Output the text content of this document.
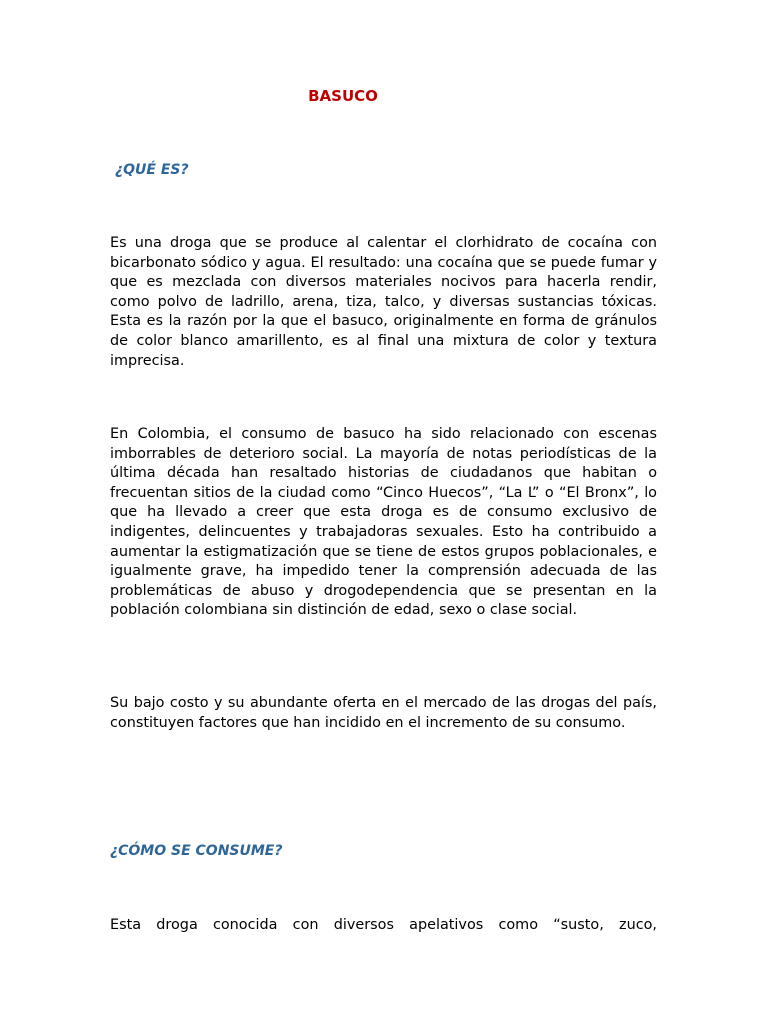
BASUCO
¿QUÉ ES?

Es una droga que se produce al calentar el clorhidrato de cocaína con bicarbonato sódico y agua. El resultado: una cocaína que se puede fumar y que es mezclada con diversos materiales nocivos para hacerla rendir, como polvo de ladrillo, arena, tiza, talco, y diversas sustancias tóxicas. Esta es la razón por la que el basuco, originalmente en forma de gránulos de color blanco amarillento, es al final una mixtura de color y textura imprecisa.

En Colombia, el consumo de basuco ha sido relacionado con escenas imborrables de deterioro social. La mayoría de notas periodísticas de la última década han resaltado historias de ciudadanos que habitan o frecuentan sitios de la ciudad como “Cinco Huecos”, “La L” o “El Bronx”, lo que ha llevado a creer que esta droga es de consumo exclusivo de indigentes, delincuentes y trabajadoras sexuales. Esto ha contribuido a aumentar la estigmatización que se tiene de estos grupos poblacionales, e igualmente grave, ha impedido tener la comprensión adecuada de las problemáticas de abuso y drogodependencia que se presentan en la población colombiana sin distinción de edad, sexo o clase social.

Su bajo costo y su abundante oferta en el mercado de las drogas del país, constituyen factores que han incidido en el incremento de su consumo.

¿CÓMO SE CONSUME?

Esta droga conocida con diversos apelativos como “susto, zuco,
